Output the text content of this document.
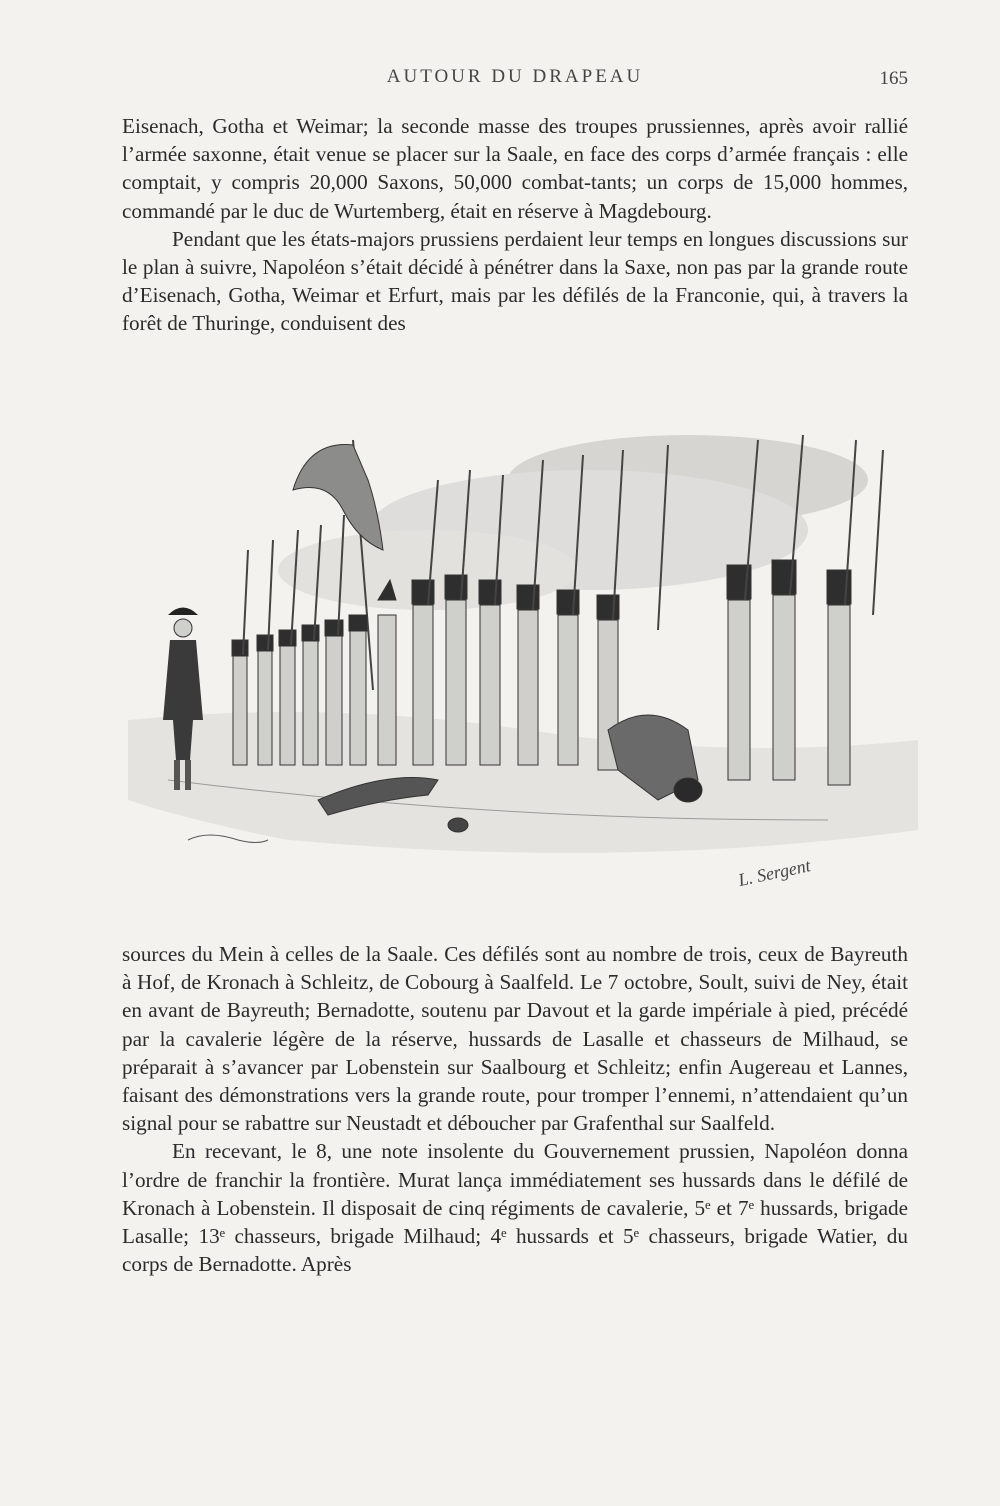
AUTOUR DU DRAPEAU	165

Eisenach, Gotha et Weimar; la seconde masse des troupes prussiennes, après avoir rallié l’armée saxonne, était venue se placer sur la Saale, en face des corps d’armée français : elle comptait, y compris 20,000 Saxons, 50,000 combat-tants; un corps de 15,000 hommes, commandé par le duc de Wurtemberg, était en réserve à Magdebourg.

Pendant que les états-majors prussiens perdaient leur temps en longues discussions sur le plan à suivre, Napoléon s’était décidé à pénétrer dans la Saxe, non pas par la grande route d’Eisenach, Gotha, Weimar et Erfurt, mais par les défilés de la Franconie, qui, à travers la forêt de Thuringe, conduisent des

L. Sergent

sources du Mein à celles de la Saale. Ces défilés sont au nombre de trois, ceux de Bayreuth à Hof, de Kronach à Schleitz, de Cobourg à Saalfeld. Le 7 octobre, Soult, suivi de Ney, était en avant de Bayreuth; Bernadotte, soutenu par Davout et la garde impériale à pied, précédé par la cavalerie légère de la réserve, hussards de Lasalle et chasseurs de Milhaud, se préparait à s’avancer par Lobenstein sur Saalbourg et Schleitz; enfin Augereau et Lannes, faisant des démonstrations vers la grande route, pour tromper l’ennemi, n’attendaient qu’un signal pour se rabattre sur Neustadt et déboucher par Grafenthal sur Saalfeld.

En recevant, le 8, une note insolente du Gouvernement prussien, Napoléon donna l’ordre de franchir la frontière. Murat lança immédiatement ses hussards dans le défilé de Kronach à Lobenstein. Il disposait de cinq régiments de cavalerie, 5ᵉ et 7ᵉ hussards, brigade Lasalle; 13ᵉ chasseurs, brigade Milhaud; 4ᵉ hussards et 5ᵉ chasseurs, brigade Watier, du corps de Bernadotte. Après
